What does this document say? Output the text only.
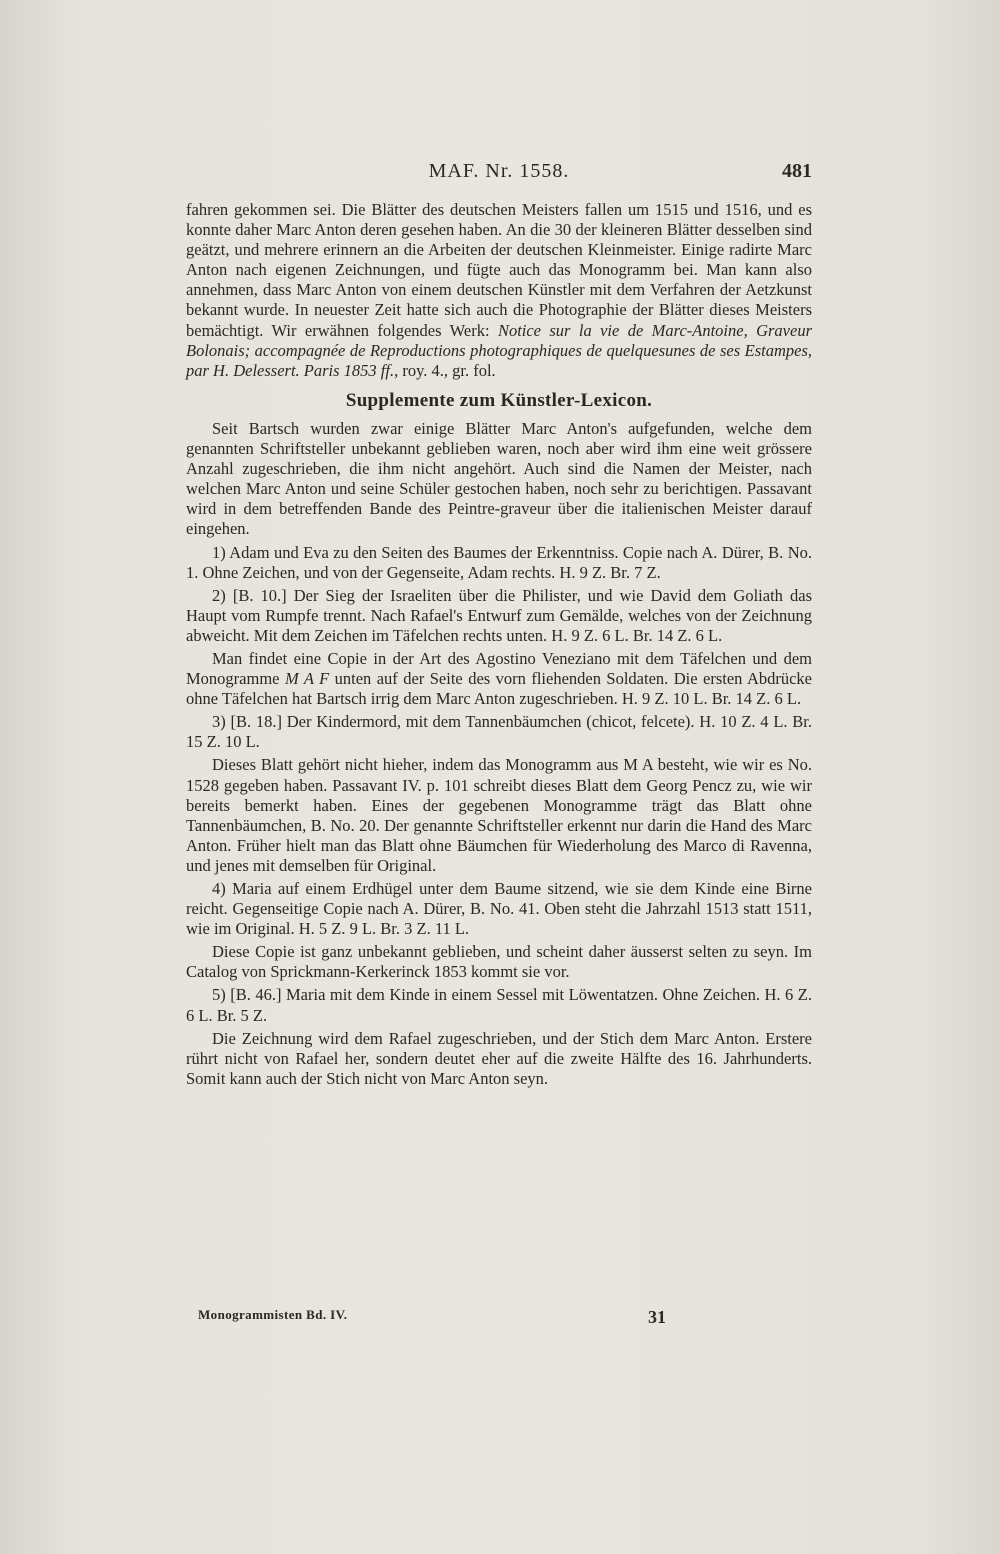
MAF. Nr. 1558.	481

fahren gekommen sei. Die Blätter des deutschen Meisters fallen um 1515 und 1516, und es konnte daher Marc Anton deren gesehen haben. An die 30 der kleineren Blätter desselben sind geätzt, und mehrere erinnern an die Arbeiten der deutschen Kleinmeister. Einige radirte Marc Anton nach eigenen Zeichnungen, und fügte auch das Monogramm bei. Man kann also annehmen, dass Marc Anton von einem deutschen Künstler mit dem Verfahren der Aetzkunst bekannt wurde. In neuester Zeit hatte sich auch die Photographie der Blätter dieses Meisters bemächtigt. Wir erwähnen folgendes Werk: Notice sur la vie de Marc-Antoine, Graveur Bolonais; accompagnée de Reproductions photographiques de quelquesunes de ses Estampes, par H. Delessert. Paris 1853 ff., roy. 4., gr. fol.

Supplemente zum Künstler-Lexicon.

Seit Bartsch wurden zwar einige Blätter Marc Anton's aufgefunden, welche dem genannten Schriftsteller unbekannt geblieben waren, noch aber wird ihm eine weit grössere Anzahl zugeschrieben, die ihm nicht angehört. Auch sind die Namen der Meister, nach welchen Marc Anton und seine Schüler gestochen haben, noch sehr zu berichtigen. Passavant wird in dem betreffenden Bande des Peintre-graveur über die italienischen Meister darauf eingehen.

1) Adam und Eva zu den Seiten des Baumes der Erkenntniss. Copie nach A. Dürer, B. No. 1. Ohne Zeichen, und von der Gegenseite, Adam rechts. H. 9 Z. Br. 7 Z.

2) [B. 10.] Der Sieg der Israeliten über die Philister, und wie David dem Goliath das Haupt vom Rumpfe trennt. Nach Rafael's Entwurf zum Gemälde, welches von der Zeichnung abweicht. Mit dem Zeichen im Täfelchen rechts unten. H. 9 Z. 6 L. Br. 14 Z. 6 L.

Man findet eine Copie in der Art des Agostino Veneziano mit dem Täfelchen und dem Monogramme M A F unten auf der Seite des vorn fliehenden Soldaten. Die ersten Abdrücke ohne Täfelchen hat Bartsch irrig dem Marc Anton zugeschrieben. H. 9 Z. 10 L. Br. 14 Z. 6 L.

3) [B. 18.] Der Kindermord, mit dem Tannenbäumchen (chicot, felcete). H. 10 Z. 4 L. Br. 15 Z. 10 L.

Dieses Blatt gehört nicht hieher, indem das Monogramm aus M A besteht, wie wir es No. 1528 gegeben haben. Passavant IV. p. 101 schreibt dieses Blatt dem Georg Pencz zu, wie wir bereits bemerkt haben. Eines der gegebenen Monogramme trägt das Blatt ohne Tannenbäumchen, B. No. 20. Der genannte Schriftsteller erkennt nur darin die Hand des Marc Anton. Früher hielt man das Blatt ohne Bäumchen für Wiederholung des Marco di Ravenna, und jenes mit demselben für Original.

4) Maria auf einem Erdhügel unter dem Baume sitzend, wie sie dem Kinde eine Birne reicht. Gegenseitige Copie nach A. Dürer, B. No. 41. Oben steht die Jahrzahl 1513 statt 1511, wie im Original. H. 5 Z. 9 L. Br. 3 Z. 11 L.

Diese Copie ist ganz unbekannt geblieben, und scheint daher äusserst selten zu seyn. Im Catalog von Sprickmann-Kerkerinck 1853 kommt sie vor.

5) [B. 46.] Maria mit dem Kinde in einem Sessel mit Löwentatzen. Ohne Zeichen. H. 6 Z. 6 L. Br. 5 Z.

Die Zeichnung wird dem Rafael zugeschrieben, und der Stich dem Marc Anton. Erstere rührt nicht von Rafael her, sondern deutet eher auf die zweite Hälfte des 16. Jahrhunderts. Somit kann auch der Stich nicht von Marc Anton seyn.

Monogrammisten Bd. IV.	31
